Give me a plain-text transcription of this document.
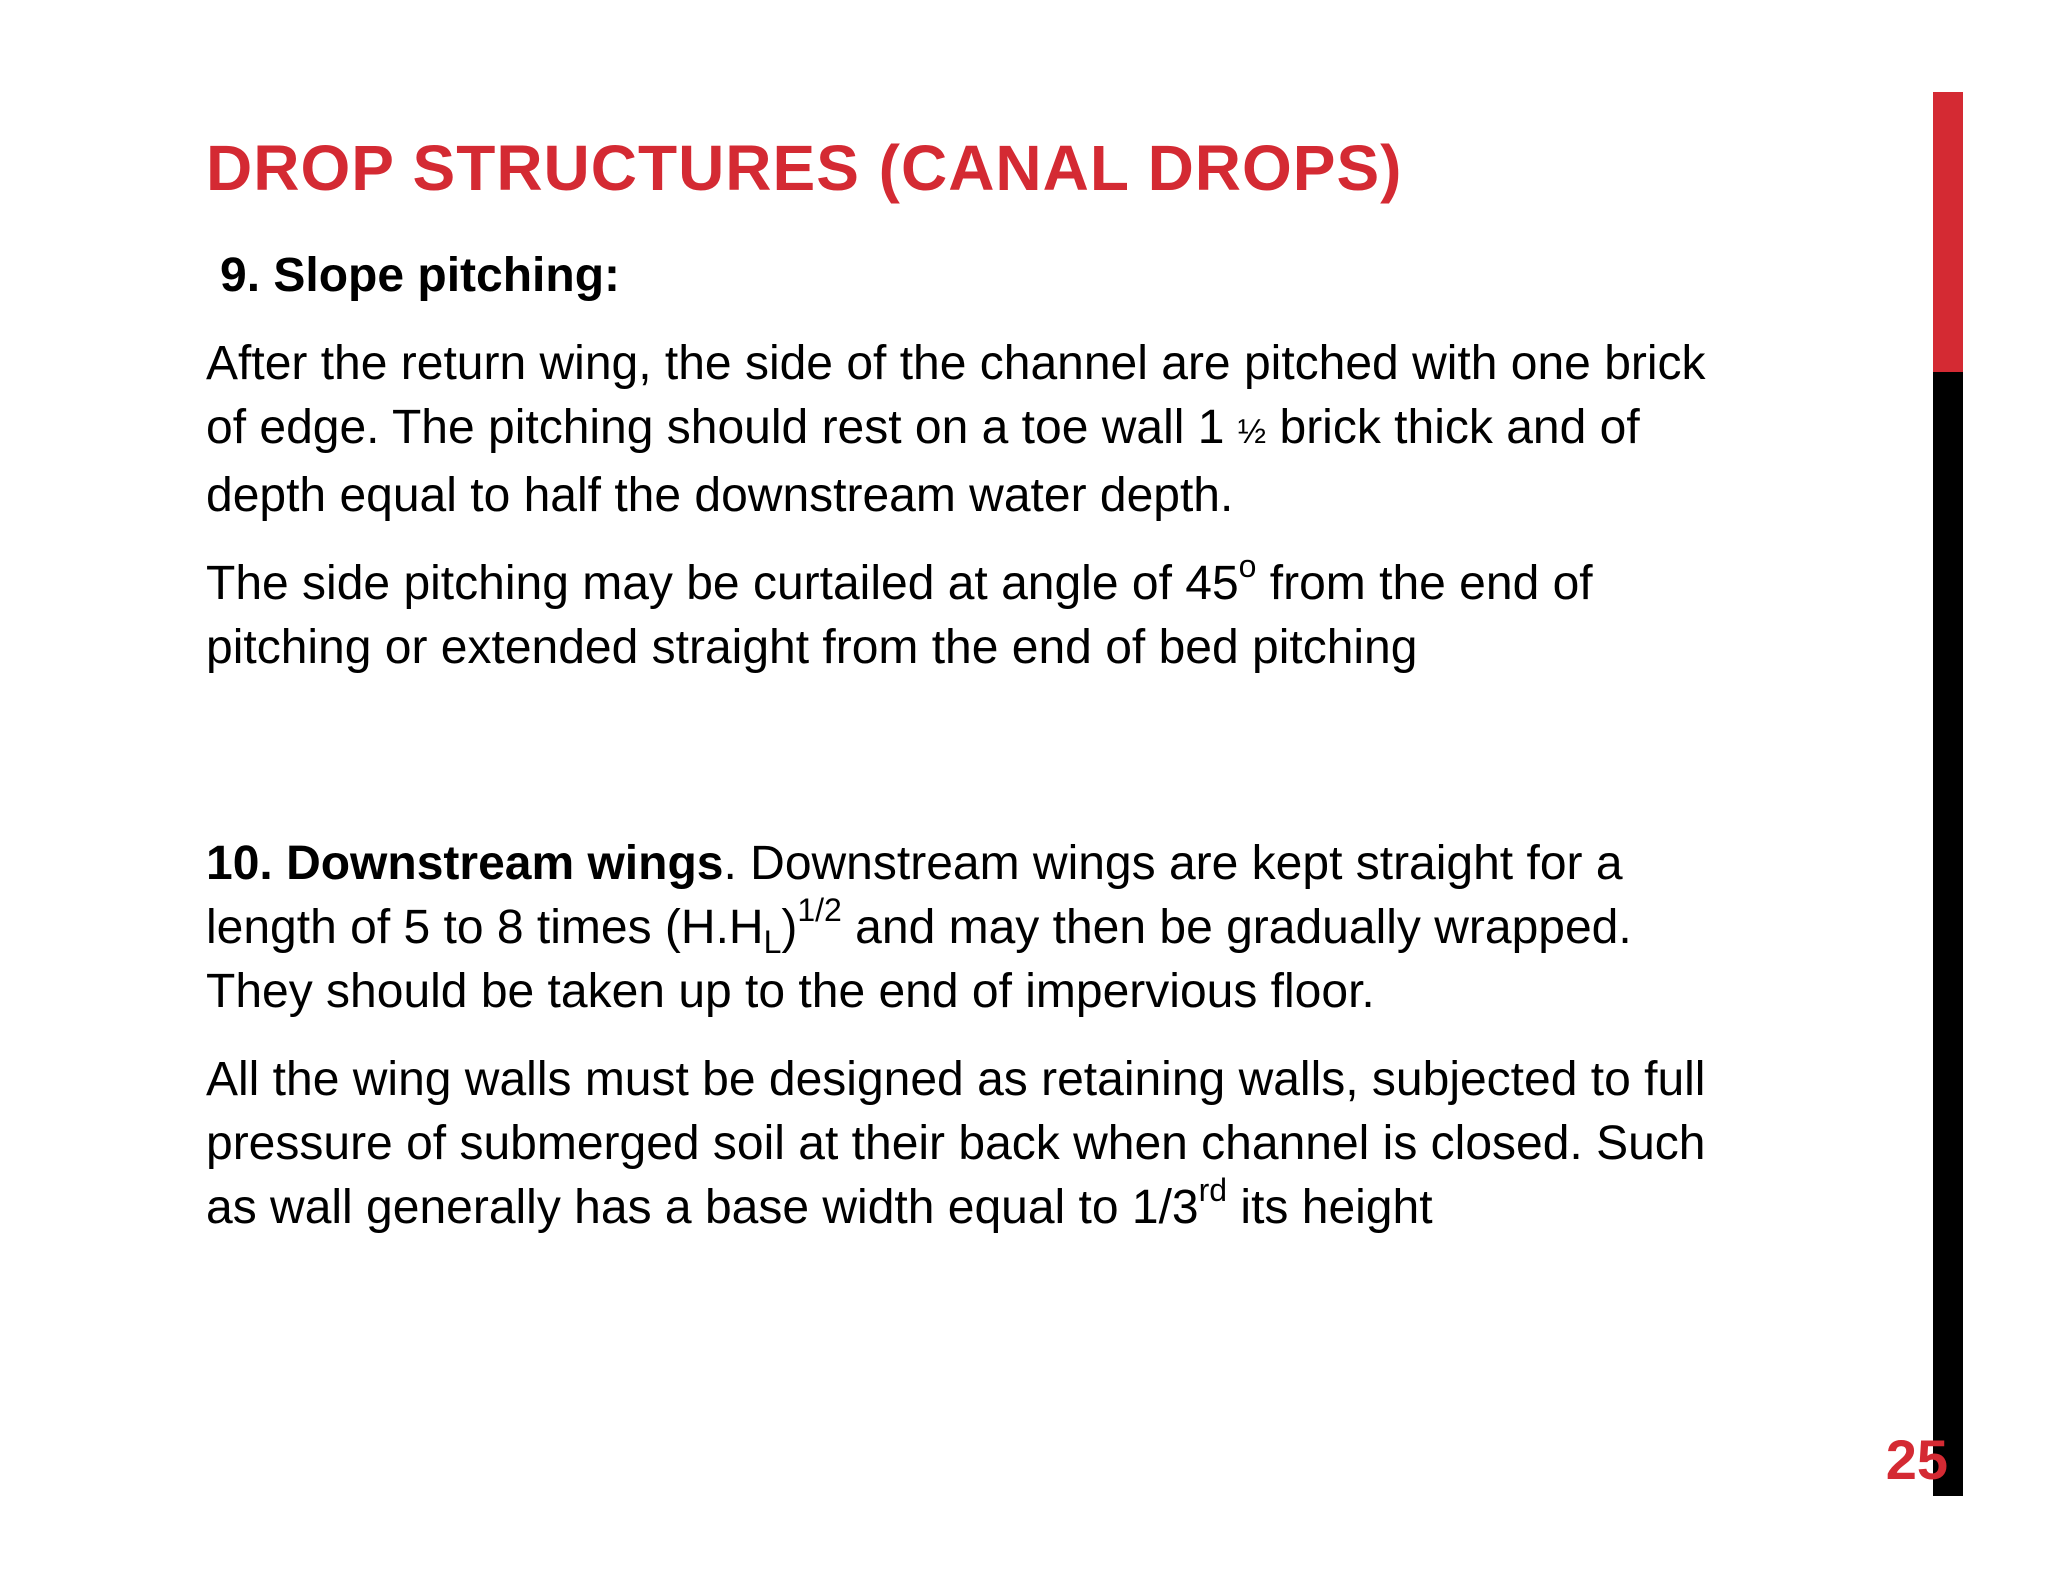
DROP STRUCTURES (CANAL DROPS)

9. Slope pitching:

After the return wing, the side of the channel are pitched with one brick
of edge. The pitching should rest on a toe wall 1 ½ brick thick and of
depth equal to half the downstream water depth.

The side pitching may be curtailed at angle of 45$^o$ from the end of
pitching or extended straight from the end of bed pitching

10. Downstream wings. Downstream wings are kept straight for a
length of 5 to 8 times $(H.H_L)^{1/2}$ and may then be gradually wrapped.
They should be taken up to the end of impervious floor.

All the wing walls must be designed as retaining walls, subjected to full
pressure of submerged soil at their back when channel is closed. Such
as wall generally has a base width equal to 1/3rd its height

25
